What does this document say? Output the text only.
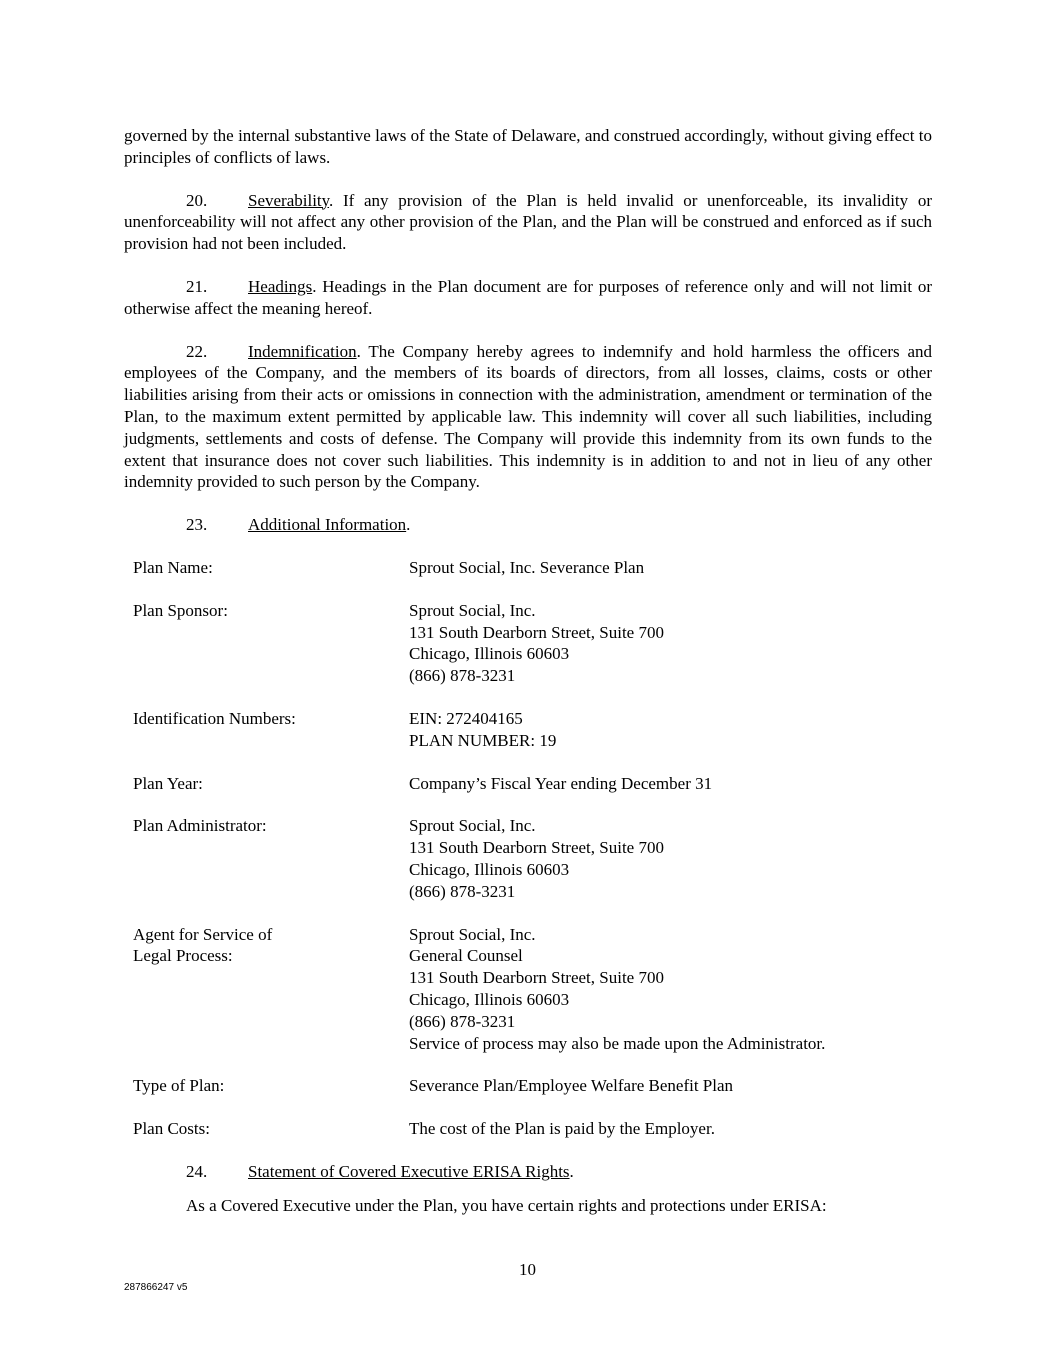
governed by the internal substantive laws of the State of Delaware, and construed accordingly, without giving effect to principles of conflicts of laws.

20. Severability. If any provision of the Plan is held invalid or unenforceable, its invalidity or unenforceability will not affect any other provision of the Plan, and the Plan will be construed and enforced as if such provision had not been included.

21. Headings. Headings in the Plan document are for purposes of reference only and will not limit or otherwise affect the meaning hereof.

22. Indemnification. The Company hereby agrees to indemnify and hold harmless the officers and employees of the Company, and the members of its boards of directors, from all losses, claims, costs or other liabilities arising from their acts or omissions in connection with the administration, amendment or termination of the Plan, to the maximum extent permitted by applicable law. This indemnity will cover all such liabilities, including judgments, settlements and costs of defense. The Company will provide this indemnity from its own funds to the extent that insurance does not cover such liabilities. This indemnity is in addition to and not in lieu of any other indemnity provided to such person by the Company.

23. Additional Information.

Plan Name:	Sprout Social, Inc. Severance Plan
Plan Sponsor:	Sprout Social, Inc.
131 South Dearborn Street, Suite 700
Chicago, Illinois 60603
(866) 878-3231
Identification Numbers:	EIN: 272404165
PLAN NUMBER: 19
Plan Year:	Company’s Fiscal Year ending December 31
Plan Administrator:	Sprout Social, Inc.
131 South Dearborn Street, Suite 700
Chicago, Illinois 60603
(866) 878-3231
Agent for Service of
Legal Process:
Sprout Social, Inc.
General Counsel
131 South Dearborn Street, Suite 700
Chicago, Illinois 60603
(866) 878-3231
Service of process may also be made upon the Administrator.
Type of Plan:	Severance Plan/Employee Welfare Benefit Plan
Plan Costs:	The cost of the Plan is paid by the Employer.

24. Statement of Covered Executive ERISA Rights.

As a Covered Executive under the Plan, you have certain rights and protections under ERISA:

10
287866247 v5
